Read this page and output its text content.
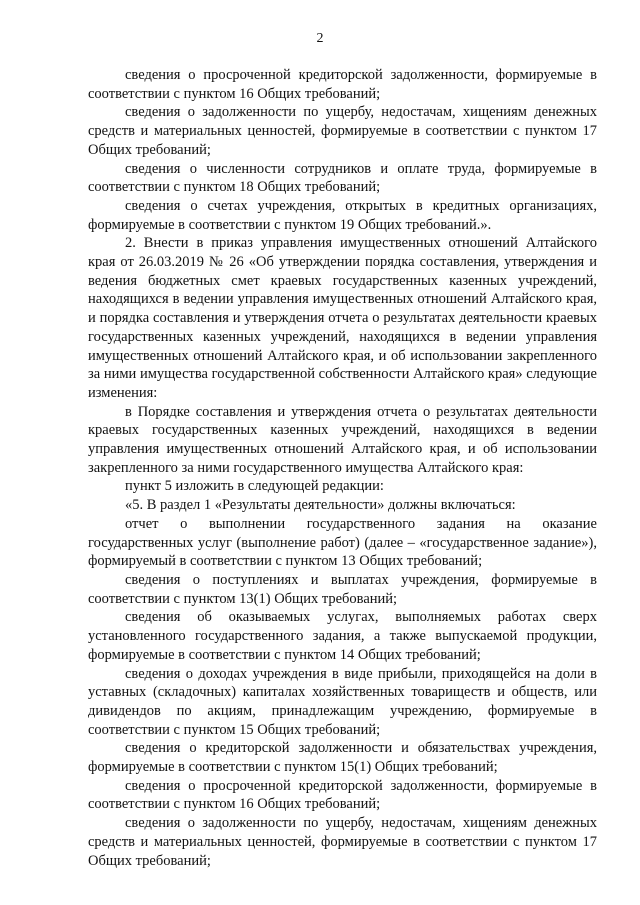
2

сведения о просроченной кредиторской задолженности, формируемые в соответствии с пунктом 16 Общих требований;

сведения о задолженности по ущербу, недостачам, хищениям денежных средств и материальных ценностей, формируемые в соответствии с пунктом 17 Общих требований;

сведения о численности сотрудников и оплате труда, формируемые в соответствии с пунктом 18 Общих требований;

сведения о счетах учреждения, открытых в кредитных организациях, формируемые в соответствии с пунктом 19 Общих требований.».

2. Внести в приказ управления имущественных отношений Алтайского края от 26.03.2019 № 26 «Об утверждении порядка составления, утверждения и ведения бюджетных смет краевых государственных казенных учреждений, находящихся в ведении управления имущественных отношений Алтайского края, и порядка составления и утверждения отчета о результатах деятельности краевых государственных казенных учреждений, находящихся в ведении управления имущественных отношений Алтайского края, и об использовании закрепленного за ними имущества государственной собственности Алтайского края» следующие изменения:

в Порядке составления и утверждения отчета о результатах деятельности краевых государственных казенных учреждений, находящихся в ведении управления имущественных отношений Алтайского края, и об использовании закрепленного за ними государственного имущества Алтайского края:

пункт 5 изложить в следующей редакции:

«5. В раздел 1 «Результаты деятельности» должны включаться:

отчет о выполнении государственного задания на оказание государственных услуг (выполнение работ) (далее – «государственное задание»), формируемый в соответствии с пунктом 13 Общих требований;

сведения о поступлениях и выплатах учреждения, формируемые в соответствии с пунктом 13(1) Общих требований;

сведения об оказываемых услугах, выполняемых работах сверх установленного государственного задания, а также выпускаемой продукции, формируемые в соответствии с пунктом 14 Общих требований;

сведения о доходах учреждения в виде прибыли, приходящейся на доли в уставных (складочных) капиталах хозяйственных товариществ и обществ, или дивидендов по акциям, принадлежащим учреждению, формируемые в соответствии с пунктом 15 Общих требований;

сведения о кредиторской задолженности и обязательствах учреждения, формируемые в соответствии с пунктом 15(1) Общих требований;

сведения о просроченной кредиторской задолженности, формируемые в соответствии с пунктом 16 Общих требований;

сведения о задолженности по ущербу, недостачам, хищениям денежных средств и материальных ценностей, формируемые в соответствии с пунктом 17 Общих требований;
